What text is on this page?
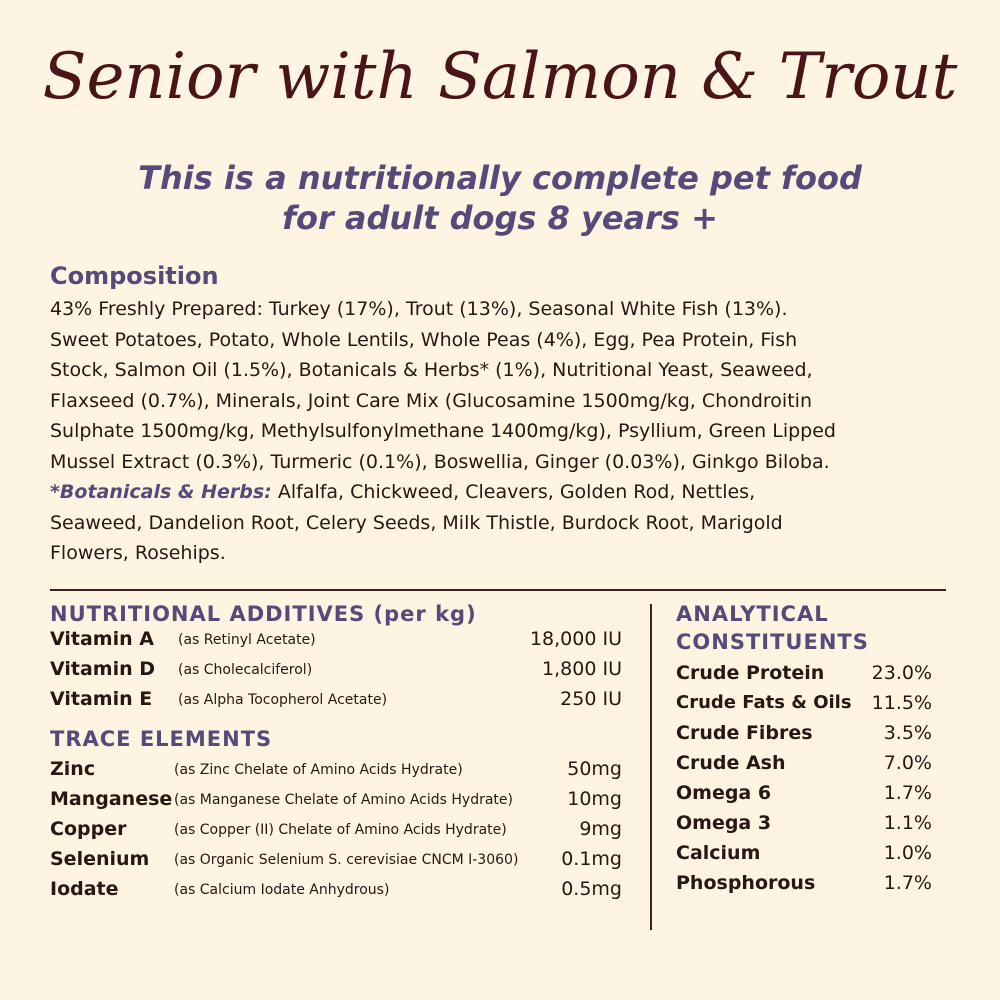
Senior with Salmon & Trout
This is a nutritionally complete pet food
for adult dogs 8 years +
Composition
43% Freshly Prepared: Turkey (17%), Trout (13%), Seasonal White Fish (13%).
Sweet Potatoes, Potato, Whole Lentils, Whole Peas (4%), Egg, Pea Protein, Fish
Stock, Salmon Oil (1.5%), Botanicals & Herbs* (1%), Nutritional Yeast, Seaweed,
Flaxseed (0.7%), Minerals, Joint Care Mix (Glucosamine 1500mg/kg, Chondroitin
Sulphate 1500mg/kg, Methylsulfonylmethane 1400mg/kg), Psyllium, Green Lipped
Mussel Extract (0.3%), Turmeric (0.1%), Boswellia, Ginger (0.03%), Ginkgo Biloba.
*Botanicals & Herbs: Alfalfa, Chickweed, Cleavers, Golden Rod, Nettles,
Seaweed, Dandelion Root, Celery Seeds, Milk Thistle, Burdock Root, Marigold
Flowers, Rosehips.
NUTRITIONAL ADDITIVES (per kg)
Vitamin A (as Retinyl Acetate)	18,000 IU
Vitamin D (as Cholecalciferol)	1,800 IU
Vitamin E (as Alpha Tocopherol Acetate)	250 IU
TRACE ELEMENTS
Zinc	(as Zinc Chelate of Amino Acids Hydrate)	50mg
Manganese (as Manganese Chelate of Amino Acids Hydrate)	10mg
Copper	(as Copper (II) Chelate of Amino Acids Hydrate)	9mg
Selenium (as Organic Selenium S. cerevisiae CNCM I-3060) 0.1mg
Iodate	(as Calcium Iodate Anhydrous)	0.5mg
ANALYTICAL
CONSTITUENTS
Crude Protein 23.0%
Crude Fats & Oils 11.5%
Crude Fibres	3.5%
Crude Ash	7.0%
Omega 6	1.7%
Omega 3	1.1%
Calcium	1.0%
Phosphorous	1.7%
